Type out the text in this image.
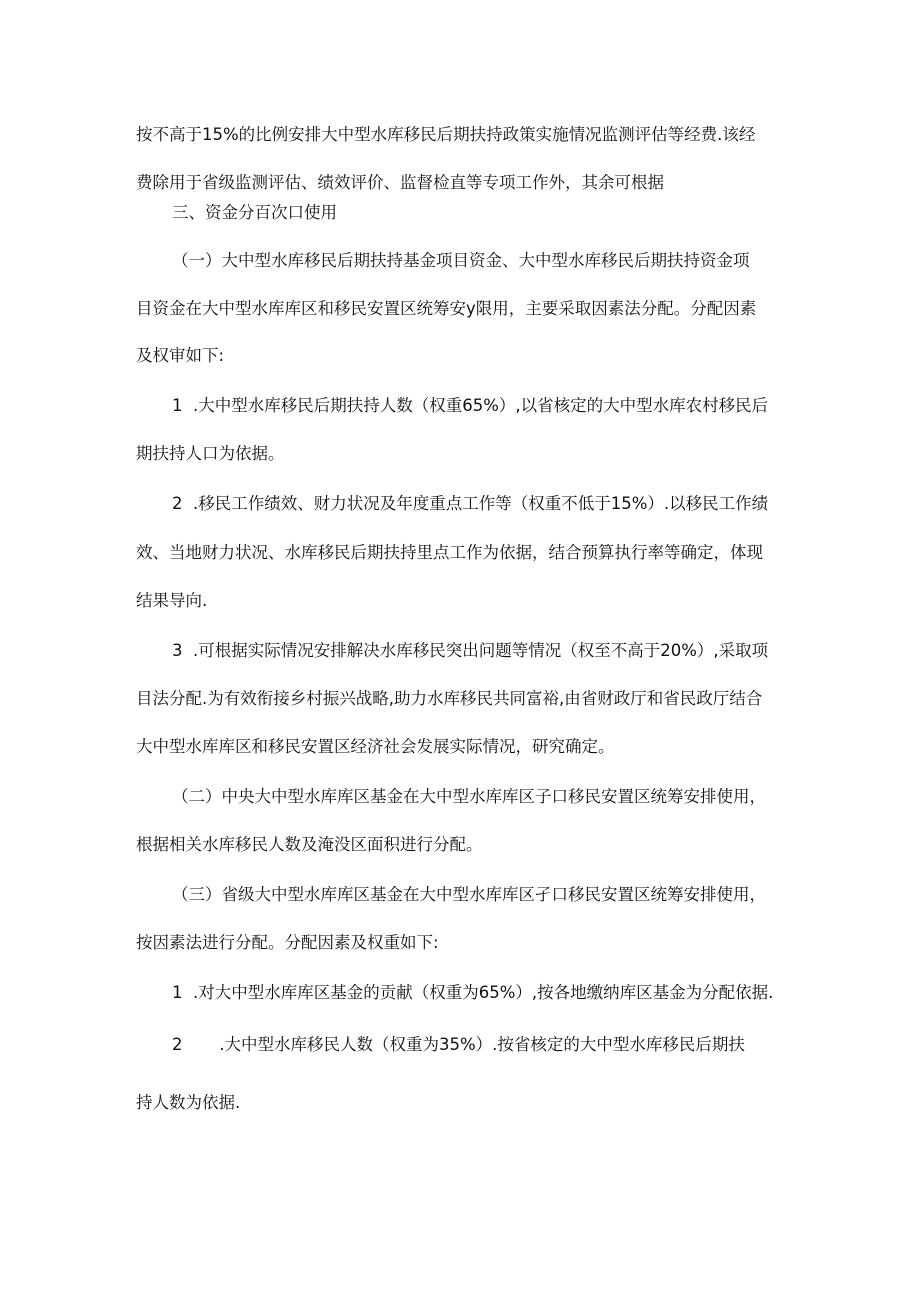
按不高于15%的比例安排大中型水库移民后期扶持政策实施情况监测评估等经费.该经
费除用于省级监测评估、绩效评价、监督检直等专项工作外，其余可根据
三、资金分百次口使用
（一）大中型水库移民后期扶持基金项目资金、大中型水库移民后期扶持资金项
目资金在大中型水库库区和移民安置区统筹安y限用，主要采取因素法分配。分配因素
及权审如下:
1  .大中型水库移民后期扶持人数（权重65%）,以省核定的大中型水库农村移民后
期扶持人口为依据。
2  .移民工作绩效、财力状况及年度重点工作等（权重不低于15%）.以移民工作绩
效、当地财力状况、水库移民后期扶持里点工作为依据，结合预算执行率等确定，体现
结果导向.
3  .可根据实际情况安排解决水库移民突出问题等情况（权至不高于20%）,采取项
目法分配.为有效衔接乡村振兴战略,助力水库移民共同富裕,由省财政厅和省民政厅结合
大中型水库库区和移民安置区经济社会发展实际情况，研究确定。
（二）中央大中型水库库区基金在大中型水库库区子口移民安置区统筹安排使用，
根据相关水库移民人数及淹没区面积进行分配。
（三）省级大中型水库库区基金在大中型水库库区孑口移民安置区统筹安排使用，
按因素法进行分配。分配因素及权重如下:
1  .对大中型水库库区基金的贡献（权重为65%）,按各地缴纳库区基金为分配依据.
2       .大中型水库移民人数（权重为35%）.按省核定的大中型水库移民后期扶
持人数为依据.
